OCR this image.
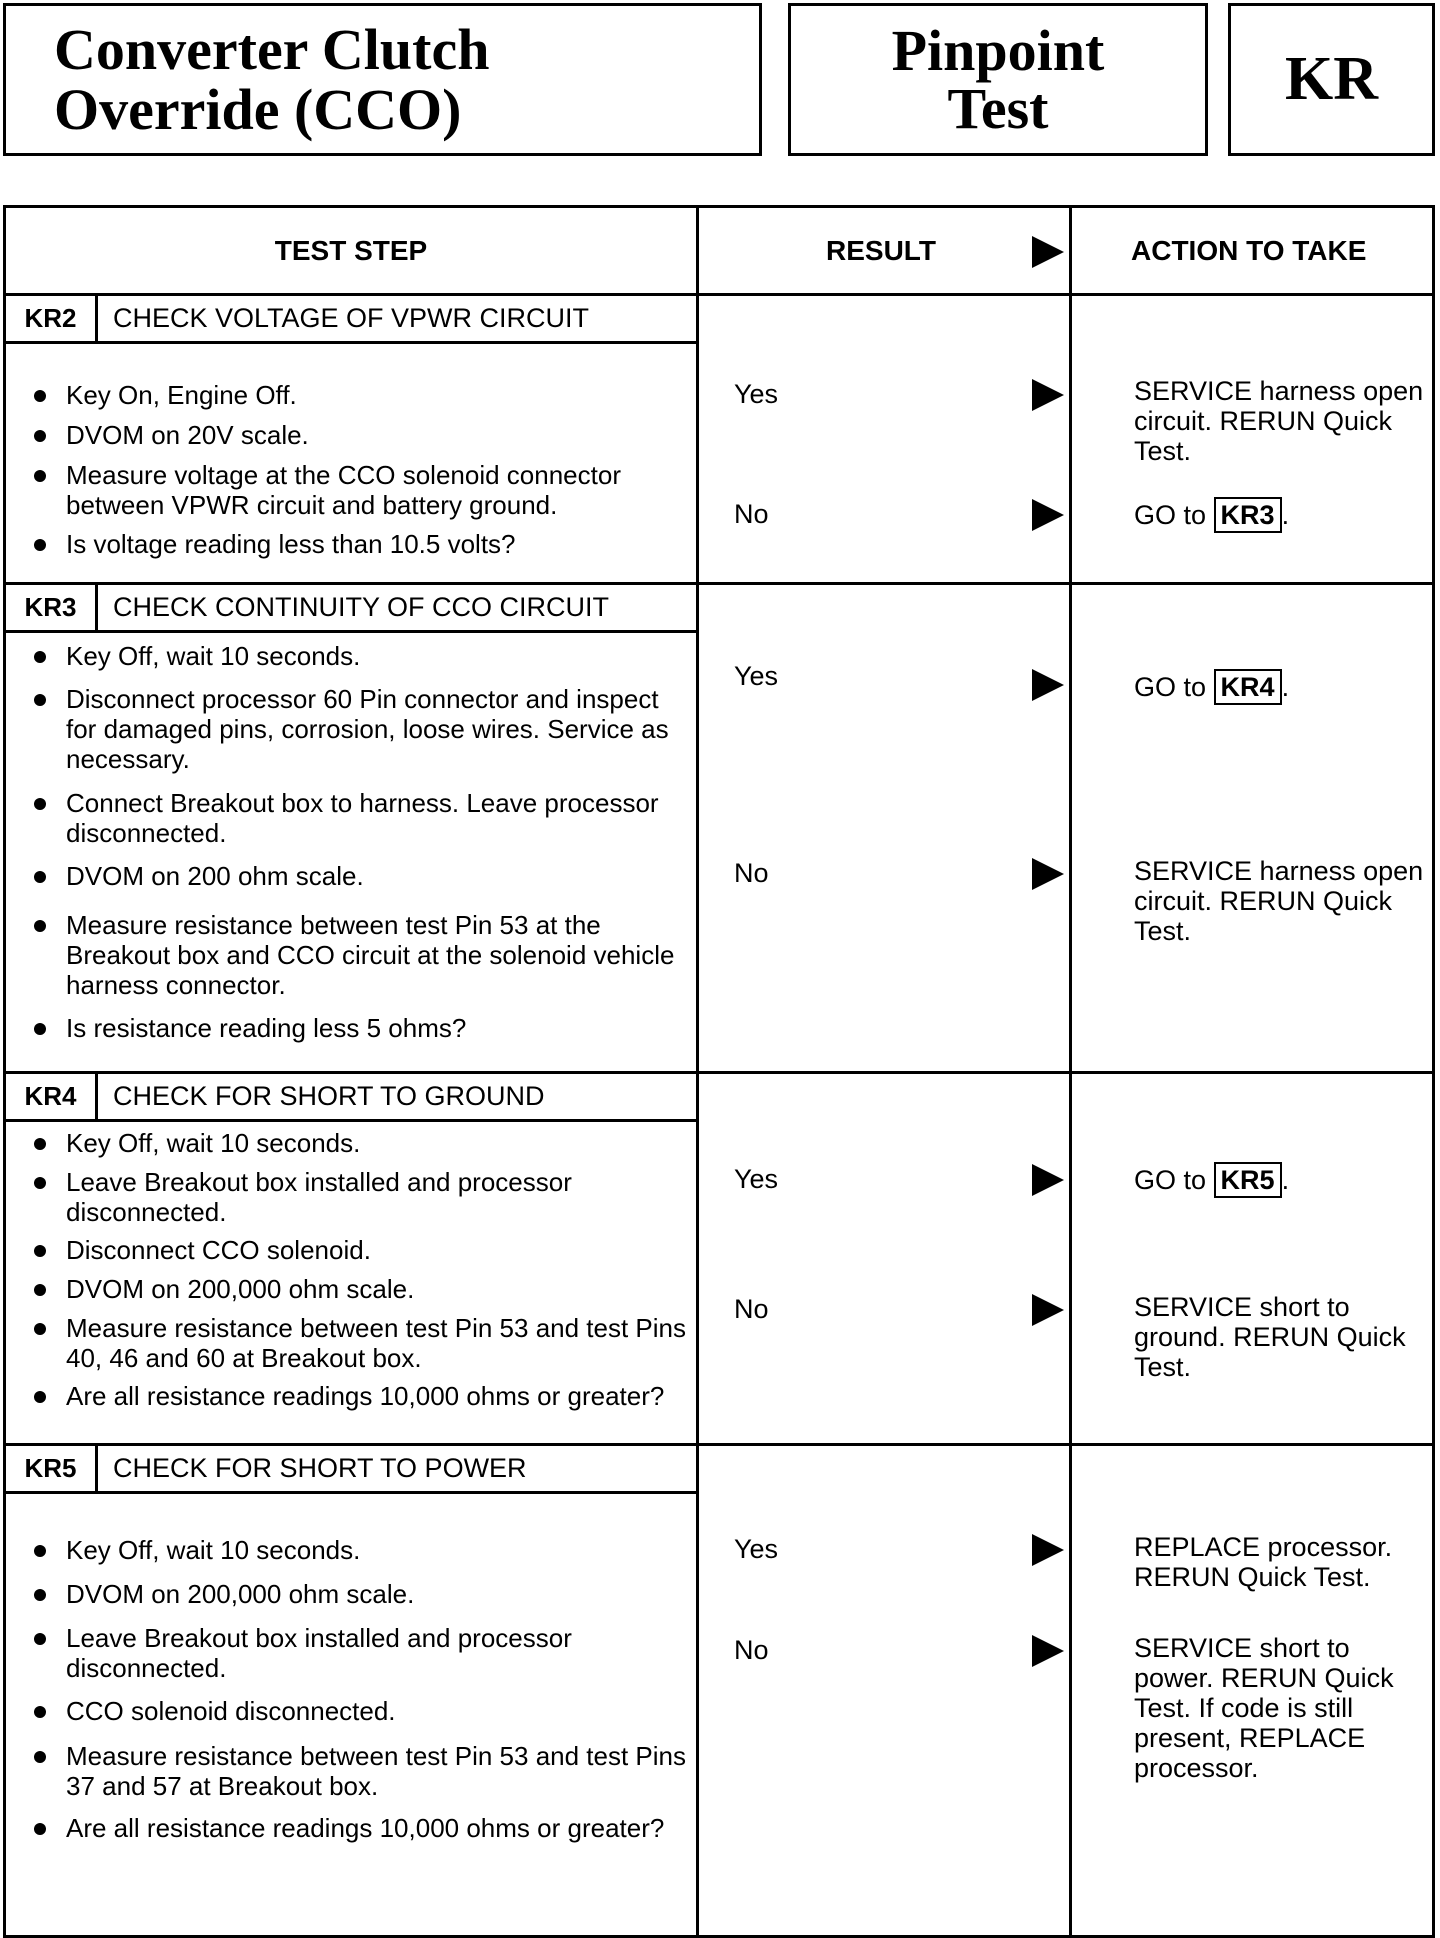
Converter Clutch
Override (CCO)
Pinpoint
Test	KR
TEST STEP	RESULT	ACTION TO TAKE
KR2	CHECK VOLTAGE OF VPWR CIRCUIT
Key On, Engine Off.
DVOM on 20V scale.
Measure voltage at the CCO solenoid connector between VPWR circuit and battery ground.
Is voltage reading less than 10.5 volts?
Yes	SERVICE harness open circuit. RERUN Quick Test.
No	GO to KR3 .
KR3	CHECK CONTINUITY OF CCO CIRCUIT
Key Off, wait 10 seconds.
Disconnect processor 60 Pin connector and inspect for damaged pins, corrosion, loose wires. Service as necessary.
Connect Breakout box to harness. Leave processor disconnected.
DVOM on 200 ohm scale.
Measure resistance between test Pin 53 at the Breakout box and CCO circuit at the solenoid vehicle harness connector.
Is resistance reading less 5 ohms?
Yes	GO to KR4 .
No	SERVICE harness open circuit. RERUN Quick Test.
KR4	CHECK FOR SHORT TO GROUND
Key Off, wait 10 seconds.
Leave Breakout box installed and processor disconnected.
Disconnect CCO solenoid.
DVOM on 200,000 ohm scale.
Measure resistance between test Pin 53 and test Pins 40, 46 and 60 at Breakout box.
Are all resistance readings 10,000 ohms or greater?
Yes	GO to KR5 .
No	SERVICE short to ground. RERUN Quick Test.
KR5	CHECK FOR SHORT TO POWER
Key Off, wait 10 seconds.
DVOM on 200,000 ohm scale.
Leave Breakout box installed and processor disconnected.
CCO solenoid disconnected.
Measure resistance between test Pin 53 and test Pins 37 and 57 at Breakout box.
Are all resistance readings 10,000 ohms or greater?
Yes	REPLACE processor. RERUN Quick Test.
No	SERVICE short to power. RERUN Quick Test. If code is still present, REPLACE processor.
